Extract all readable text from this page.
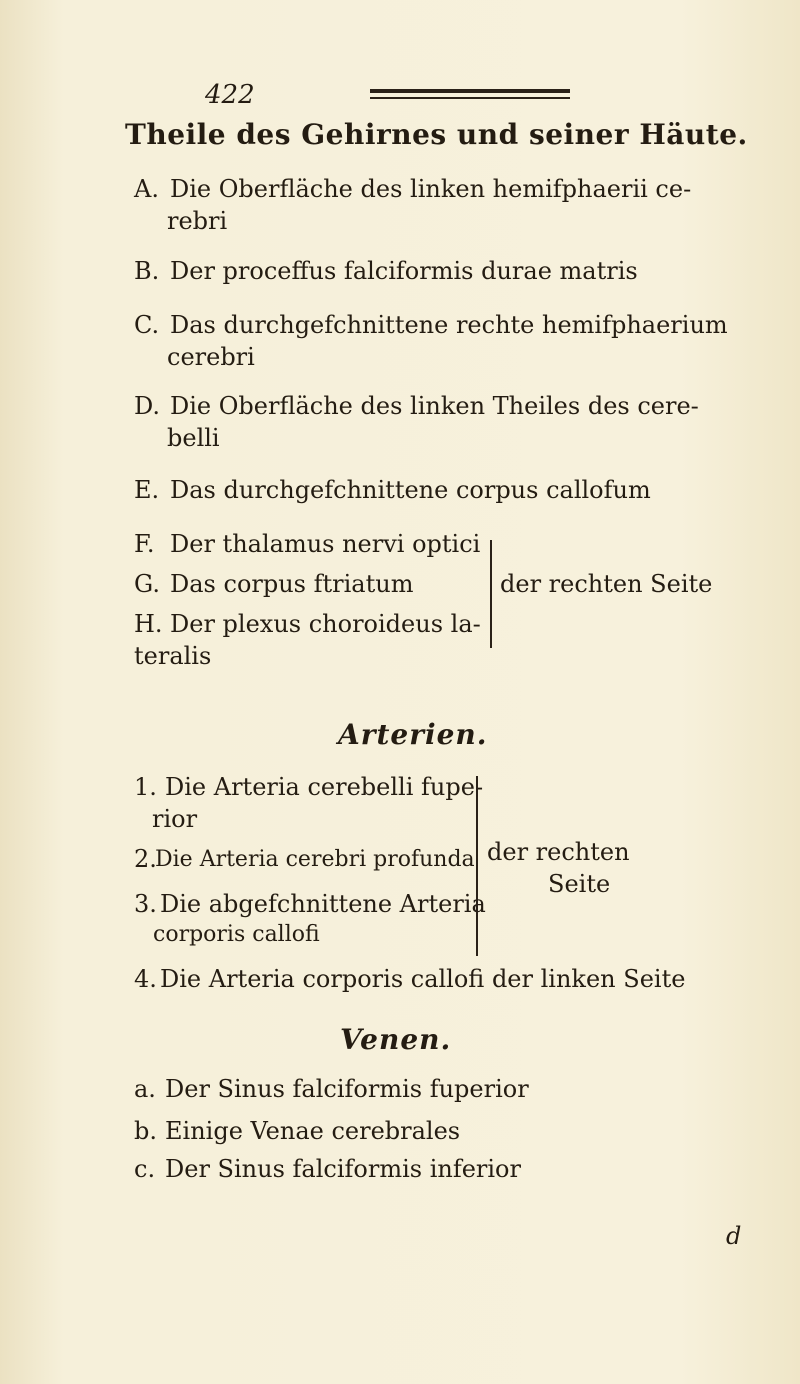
422
Theile des Gehirnes und seiner Häute.
A. Die Oberfläche des linken hemifphaerii ce-
rebri
B. Der proceffus falciformis durae matris
C. Das durchgefchnittene rechte hemifphaerium
cerebri
D. Die Oberfläche des linken Theiles des cere-
belli
E. Das durchgefchnittene corpus callofum
F. Der thalamus nervi optici
G. Das corpus ftriatum
H. Der plexus choroideus la-
teralis
der rechten Seite
Arterien.
1. Die Arteria cerebelli fupe-
rior
2.
Die Arteria cerebri profunda
3. Die abgefchnittene Arteria
corporis callofi
der rechten
Seite
4. Die Arteria corporis callofi der linken Seite
Venen.
a. Der Sinus falciformis fuperior
b. Einige Venae cerebrales
c. Der Sinus falciformis inferior
d
